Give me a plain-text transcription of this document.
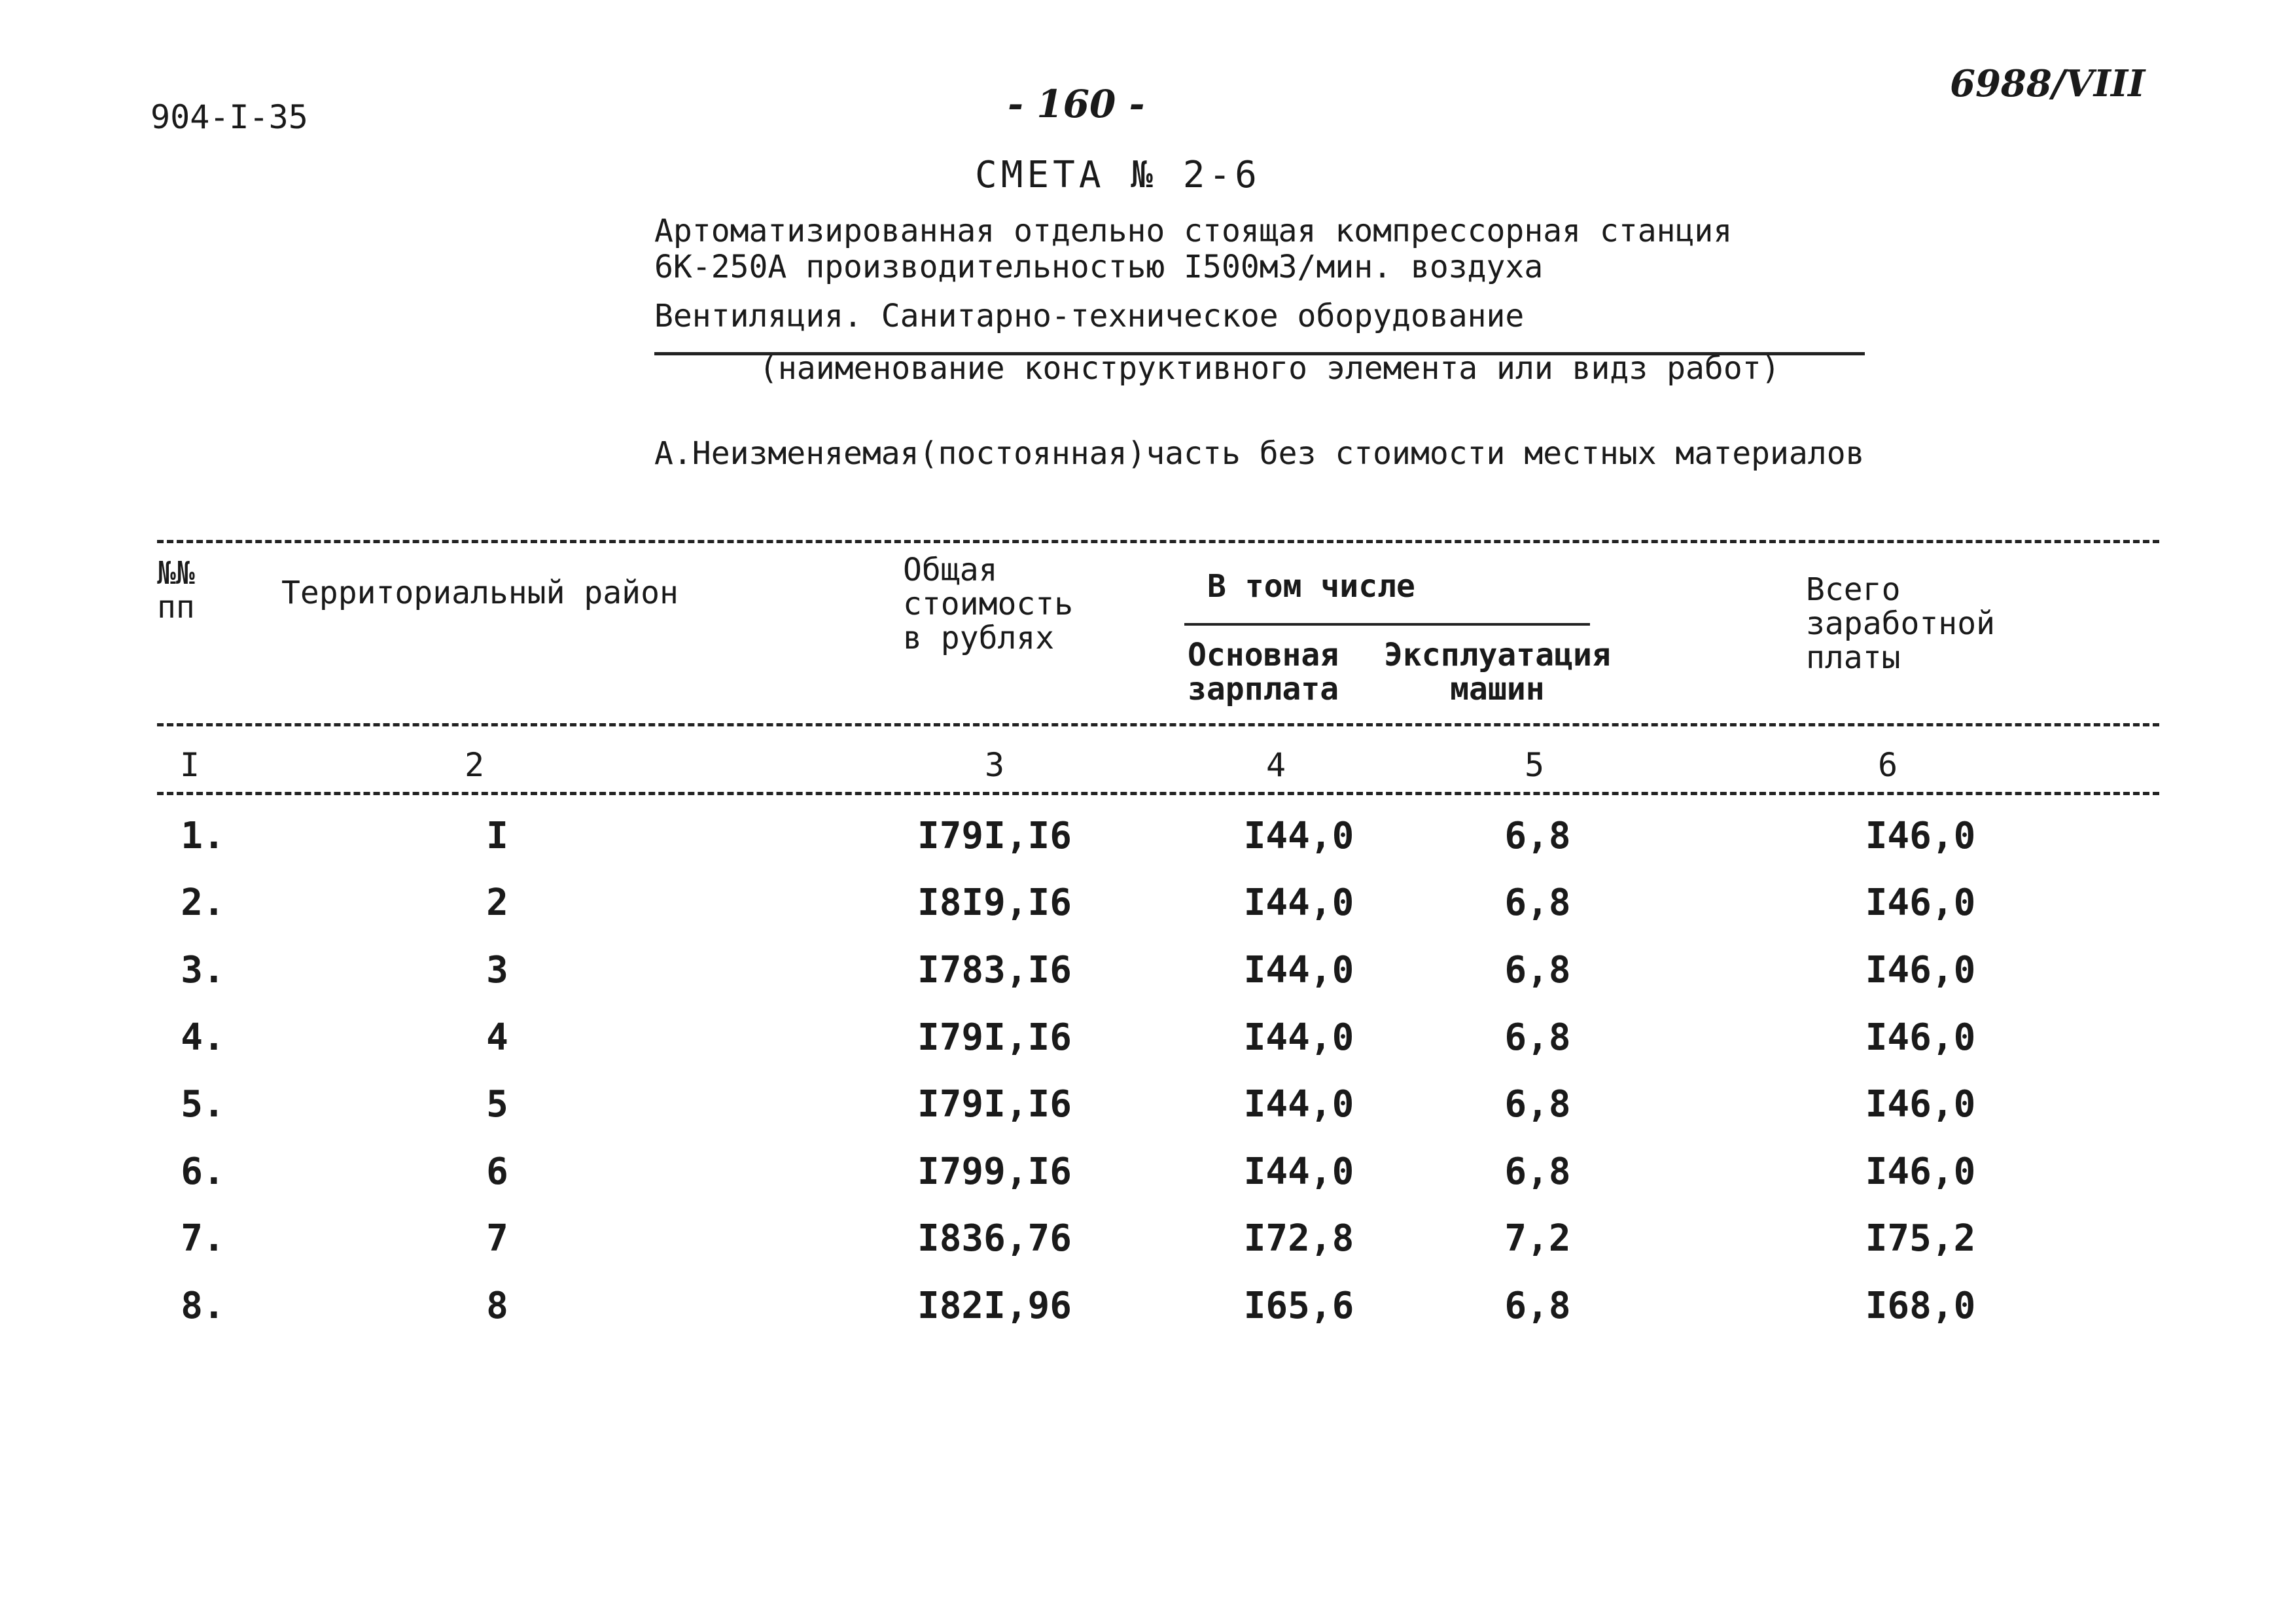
904-I-35	- 160 -	6988/VIII
СМЕТА № 2-6
Артоматизированная отдельно стоящая компрессорная станция
6К-250А производительностью I500м3/мин. воздуха
Вентиляция. Санитарно-техническое оборудование
(наименование конструктивного элемента или видз работ)
А.Неизменяемая(постоянная)часть без стоимости местных материалов
№№
пп	Территориальный район
Общая
стоимость
в рублях
В том числе
Основная
зарплата
Эксплуатация
машин
Всего
заработной
платы
I	2	3	4	5	6
1.	I	I79I,I6	I44,0	6,8	I46,0
2.	2	I8I9,I6	I44,0	6,8	I46,0
3.	3	I783,I6	I44,0	6,8	I46,0
4.	4	I79I,I6	I44,0	6,8	I46,0
5.	5	I79I,I6	I44,0	6,8	I46,0
6.	6	I799,I6	I44,0	6,8	I46,0
7.	7	I836,76	I72,8	7,2	I75,2
8.	8	I82I,96	I65,6	6,8	I68,0
